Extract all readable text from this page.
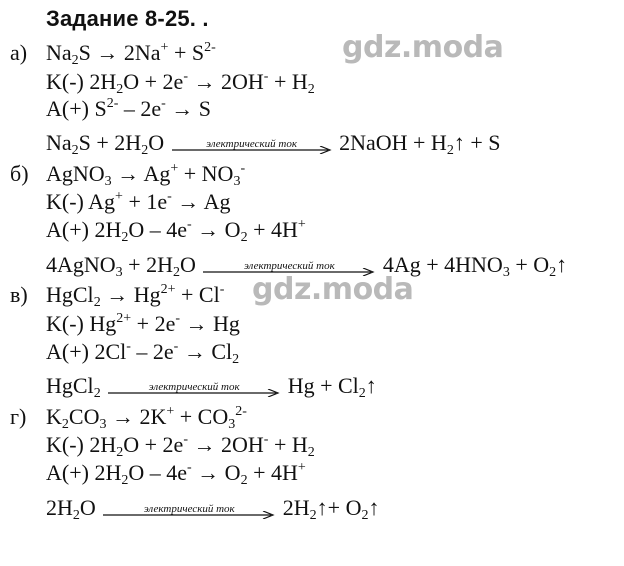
Задание 8-25. .
gdz.moda
gdz.moda
а) $Na_2S \to 2Na^+ + S^{2-}$
K(-) $2H_2O + 2e^- \to 2OH^- + H_2$
A(+) $S^{2-} - 2e^- \to S$
$Na_2S + 2H_2O$	электрический ток	2NaOH + $H_2↑ + S$
б) AgNO$_3$ → $Ag^+ + NO_3^-$
K(-) Ag+ + 1e- → Ag
A(+) $2H_2O - 4e^- \to O_2 + 4H^+$
4AgNO$_3$ + $2H_2O$	электрический ток	$4Ag + 4HNO_3$ + $O_2↑$
в) HgCl$_2$ → $Hg^{2+} + Cl^-$
K(-) $Hg^{2+} + 2e^- \to Hg$
A(+) $2Cl^- - 2e^- \to Cl_2$
HgCl$_2$	электрический ток	$Hg + Cl_2↑$
г) $K_2CO_3 \to 2K^+ + CO_3^{2-}$
K(-) $2H_2O + 2e^- \to 2OH^- + H_2$
A(+) $2H_2O - 4e^- \to O_2 + 4H^+$
$2H_2O$	электрический ток	$2H_2↑+$ $O_2↑$
